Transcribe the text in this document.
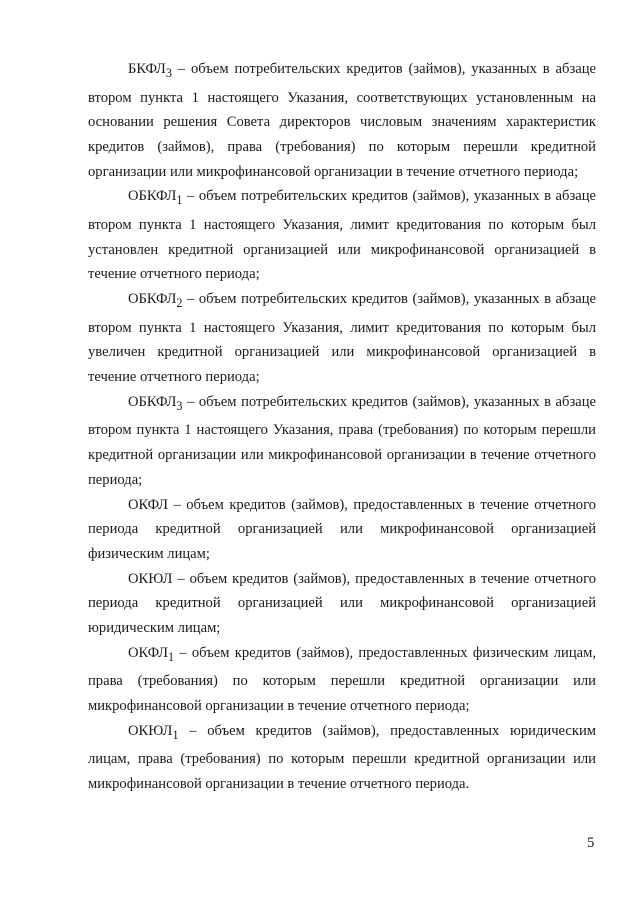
$БКФЛ_3$ – объем потребительских кредитов (займов), указанных в абзаце втором пункта 1 настоящего Указания, соответствующих установленным на основании решения Совета директоров числовым значениям характеристик кредитов (займов), права (требования) по которым перешли кредитной организации или микрофинансовой организации в течение отчетного периода;

$ОБКФЛ_1$ – объем потребительских кредитов (займов), указанных в абзаце втором пункта 1 настоящего Указания, лимит кредитования по которым был установлен кредитной организацией или микрофинансовой организацией в течение отчетного периода;

$ОБКФЛ_2$ – объем потребительских кредитов (займов), указанных в абзаце втором пункта 1 настоящего Указания, лимит кредитования по которым был увеличен кредитной организацией или микрофинансовой организацией в течение отчетного периода;

$ОБКФЛ_3$ – объем потребительских кредитов (займов), указанных в абзаце втором пункта 1 настоящего Указания, права (требования) по которым перешли кредитной организации или микрофинансовой организации в течение отчетного периода;

ОКФЛ – объем кредитов (займов), предоставленных в течение отчетного периода кредитной организацией или микрофинансовой организацией физическим лицам;

ОКЮЛ – объем кредитов (займов), предоставленных в течение отчетного периода кредитной организацией или микрофинансовой организацией юридическим лицам;

$ОКФЛ_1$ – объем кредитов (займов), предоставленных физическим лицам, права (требования) по которым перешли кредитной организации или микрофинансовой организации в течение отчетного периода;

$ОКЮЛ_1$ – объем кредитов (займов), предоставленных юридическим лицам, права (требования) по которым перешли кредитной организации или микрофинансовой организации в течение отчетного периода.

5
